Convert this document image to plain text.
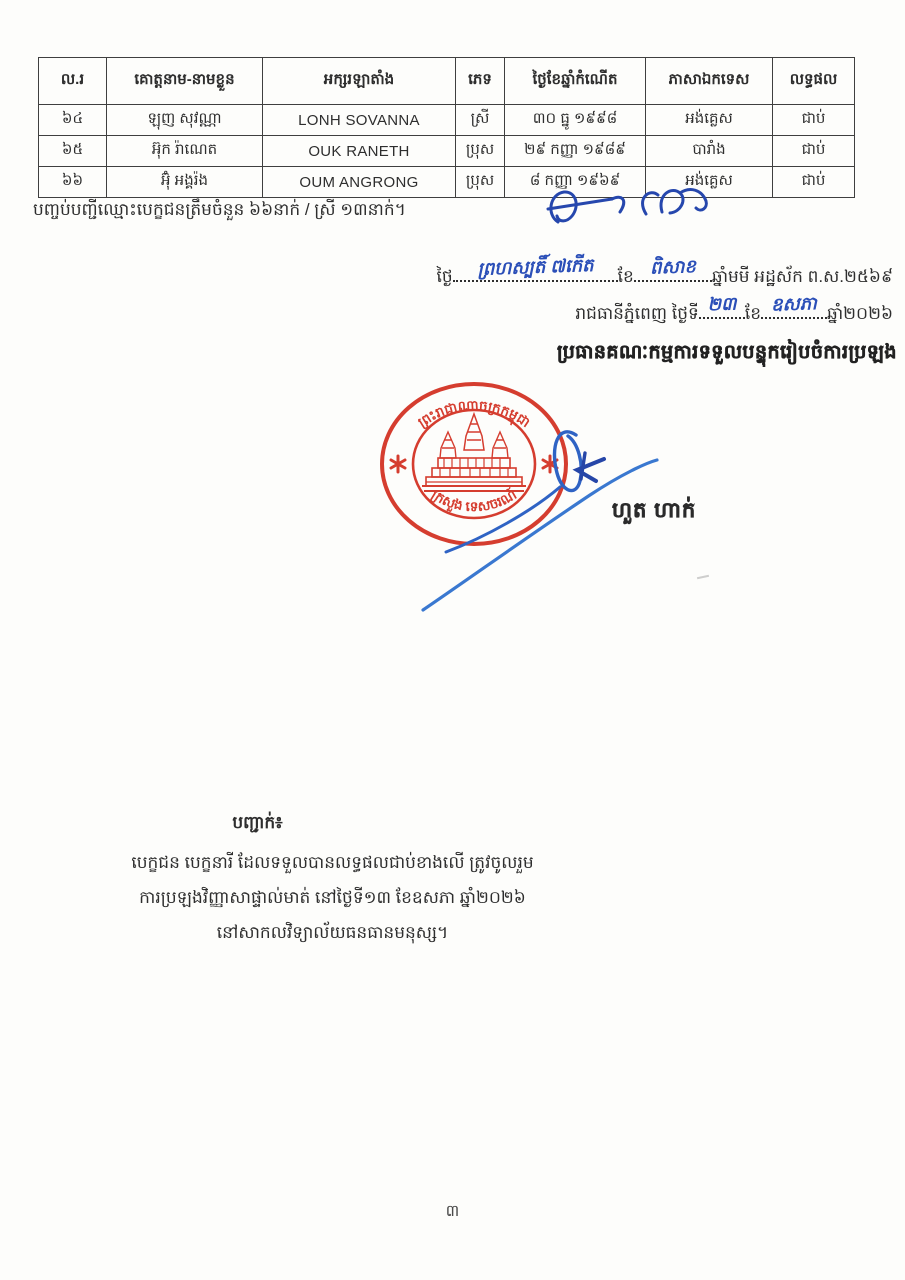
ល.រ	គោត្តនាម-នាមខ្លួន	អក្សរឡាតាំង	ភេទ	ថ្ងៃខែឆ្នាំកំណើត	ភាសាឯកទេស	លទ្ធផល
៦៤	ឡុញ សុវណ្ណា	LONH SOVANNA	ស្រី	៣០ ធ្នូ ១៩៩៨	អង់គ្លេស	ជាប់
៦៥	អ៊ុក រ៉ាណេត	OUK RANETH	ប្រុស	២៩ កញ្ញា ១៩៨៩	បារាំង	ជាប់
៦៦	អ៊ុំ អង្គរ៉ង	OUM ANGRONG	ប្រុស	៨ កញ្ញា ១៩៦៩	អង់គ្លេស	ជាប់
បញ្ចប់បញ្ជីឈ្មោះបេក្ខជនត្រឹមចំនួន ៦៦នាក់ / ស្រី ១៣នាក់។
ថ្ងៃ	ព្រហស្បតិ៍ ៧កើត	ខែ ពិសាខ ឆ្នាំមមី អដ្ឋស័ក ព.ស.២៥៦៩
រាជធានីភ្នំពេញ ថ្ងៃទី ២៣ ខែ ឧសភា ឆ្នាំ២០២៦
ប្រធានគណៈកម្មការទទួលបន្ទុករៀបចំការប្រឡង
ព្រះរាជាណាចក្រកម្ពុជា
ក្រសួង ទេសចរណ៍
ហួត ហាក់
បញ្ជាក់៖
បេក្ខជន បេក្ខនារី ដែលទទួលបានលទ្ធផលជាប់ខាងលើ ត្រូវចូលរួម
ការប្រឡងវិញ្ញាសាផ្ទាល់មាត់ នៅថ្ងៃទី១៣ ខែឧសភា ឆ្នាំ២០២៦
នៅសាកលវិទ្យាល័យធនធានមនុស្ស។
៣
